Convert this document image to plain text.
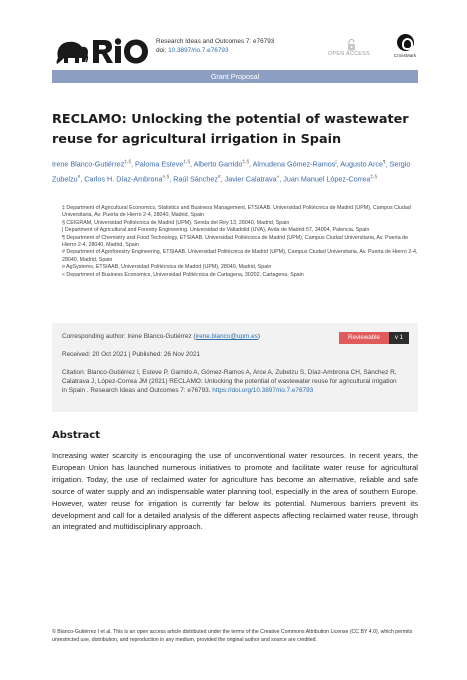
Research Ideas and Outcomes 7: e76793
doi: 10.3897/rio.7.e76793	OPEN ACCESS	CrossMark
Grant Proposal
RECLAMO: Unlocking the potential of wastewater reuse for agricultural irrigation in Spain
Irene Blanco-Gutiérrez‡,§, Paloma Esteve‡,§, Alberto Garrido‡,§, Almudena Gómez-Ramos|, Augusto Arce¶, Sergio Zubelzu#, Carlos H. Díaz-Ambrona¤,§, Raúl Sánchez#, Javier Calatrava«, Juan Manuel López-Correa‡,§
‡ Department of Agricultural Economics, Statistics and Business Management, ETSIAAB. Universidad Politécnica de Madrid (UPM), Campus Ciudad Universitaria, Av. Puerta de Hierro 2-4, 28040, Madrid, Spain
§ CEIGRAM, Universidad Politécnica de Madrid (UPM), Senda del Rey 13, 28040, Madrid, Spain
| Department of Agricultural and Forestry Engineering. Universidad de Valladolid (UVA), Avda de Madrid 57, 34004, Palencia, Spain
¶ Department of Chemistry and Food Technology, ETSIAAB. Universidad Politécnica de Madrid (UPM), Campus Ciudad Universitaria, Av. Puerta de Hierro 2-4, 28040, Madrid, Spain
# Department of Agroforestry Engineering, ETSIAAB. Universidad Politécnica de Madrid (UPM), Campus Ciudad Universitaria, Av. Puerta de Hierro 2-4, 28040, Madrid, Spain
¤ AgSystems, ETSIAAB, Universidad Politécnica de Madrid (UPM), 28040, Madrid, Spain
« Department of Business Economics, Universidad Politécnica de Cartagena, 30202, Cartagena, Spain
Corresponding author: Irene Blanco-Gutiérrez (irene.blanco@upm.es)	Reviewable	v 1
Received: 20 Oct 2021 | Published: 26 Nov 2021
Citation: Blanco-Gutiérrez I, Esteve P, Garrido A, Gómez-Ramos A, Arce A, Zubelzu S, Díaz-Ambrona CH, Sánchez R, Calatrava J, López-Correa JM (2021) RECLAMO: Unlocking the potential of wastewater reuse for agricultural irrigation in Spain . Research Ideas and Outcomes 7: e76793. https://doi.org/10.3897/rio.7.e76793
Abstract

Increasing water scarcity is encouraging the use of unconventional water resources. In recent years, the European Union has launched numerous initiatives to promote and facilitate water reuse for agricultural irrigation. Today, the use of reclaimed water for agriculture has become an alternative, reliable and safe source of water supply and an indispensable water planning tool, especially in the area of southern Europe. However, water reuse for irrigation is currently far below its potential. Numerous barriers prevent its development and call for a detailed analysis of the different aspects affecting reclaimed water reuse, through an integrated and multidisciplinary approach.

© Blanco-Gutiérrez I et al. This is an open access article distributed under the terms of the Creative Commons Attribution License (CC BY 4.0), which permits unrestricted use, distribution, and reproduction in any medium, provided the original author and source are credited.
